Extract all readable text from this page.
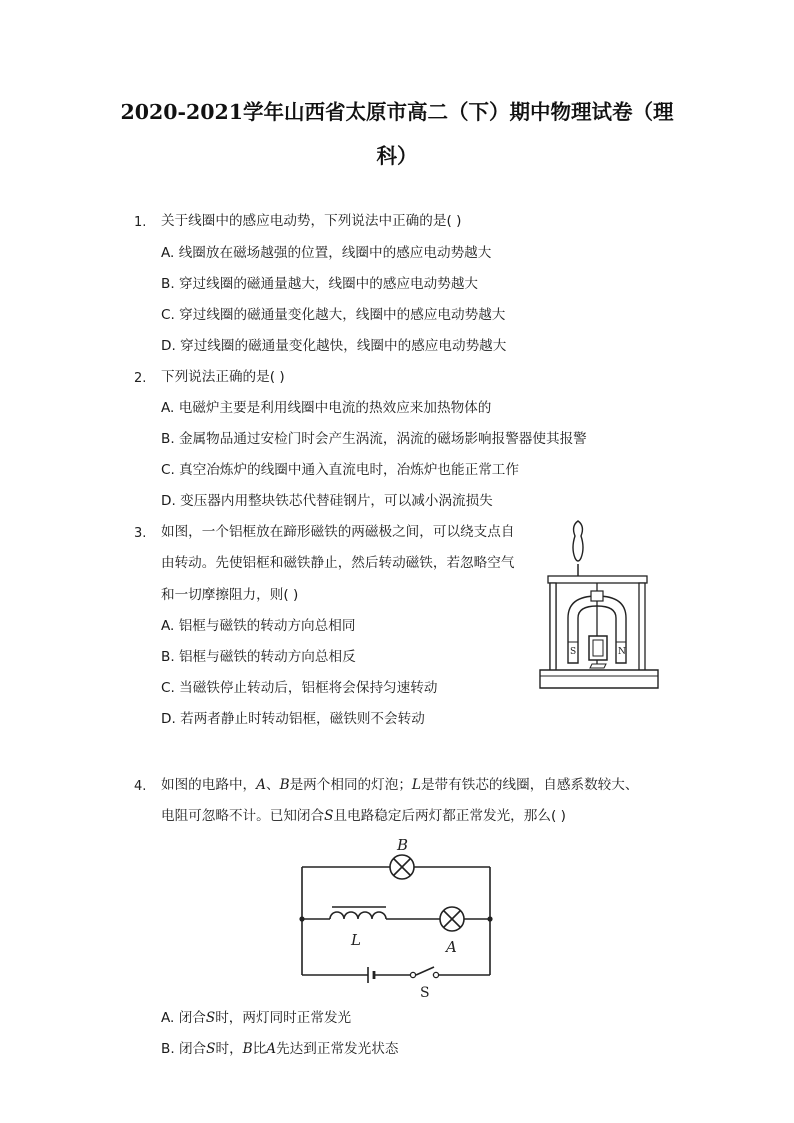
2020-2021学年山西省太原市高二（下）期中物理试卷（理
科）
1. 关于线圈中的感应电动势，下列说法中正确的是( )
A. 线圈放在磁场越强的位置，线圈中的感应电动势越大
B. 穿过线圈的磁通量越大，线圈中的感应电动势越大
C. 穿过线圈的磁通量变化越大，线圈中的感应电动势越大
D. 穿过线圈的磁通量变化越快，线圈中的感应电动势越大
2. 下列说法正确的是( )
A. 电磁炉主要是利用线圈中电流的热效应来加热物体的
B. 金属物品通过安检门时会产生涡流，涡流的磁场影响报警器使其报警
C. 真空冶炼炉的线圈中通入直流电时，冶炼炉也能正常工作
D. 变压器内用整块铁芯代替硅钢片，可以减小涡流损失
3. 如图，一个铝框放在蹄形磁铁的两磁极之间，可以绕支点自
由转动。先使铝框和磁铁静止，然后转动磁铁，若忽略空气
和一切摩擦阻力，则( )
A. 铝框与磁铁的转动方向总相同
B. 铝框与磁铁的转动方向总相反
C. 当磁铁停止转动后，铝框将会保持匀速转动
D. 若两者静止时转动铝框，磁铁则不会转动
S	N
4. 如图的电路中，A、B是两个相同的灯泡；L是带有铁芯的线圈，自感系数较大、
电阻可忽略不计。已知闭合S且电路稳定后两灯都正常发光，那么( )
B
L	A
S
A. 闭合S时，两灯同时正常发光
B. 闭合S时，B比A先达到正常发光状态
